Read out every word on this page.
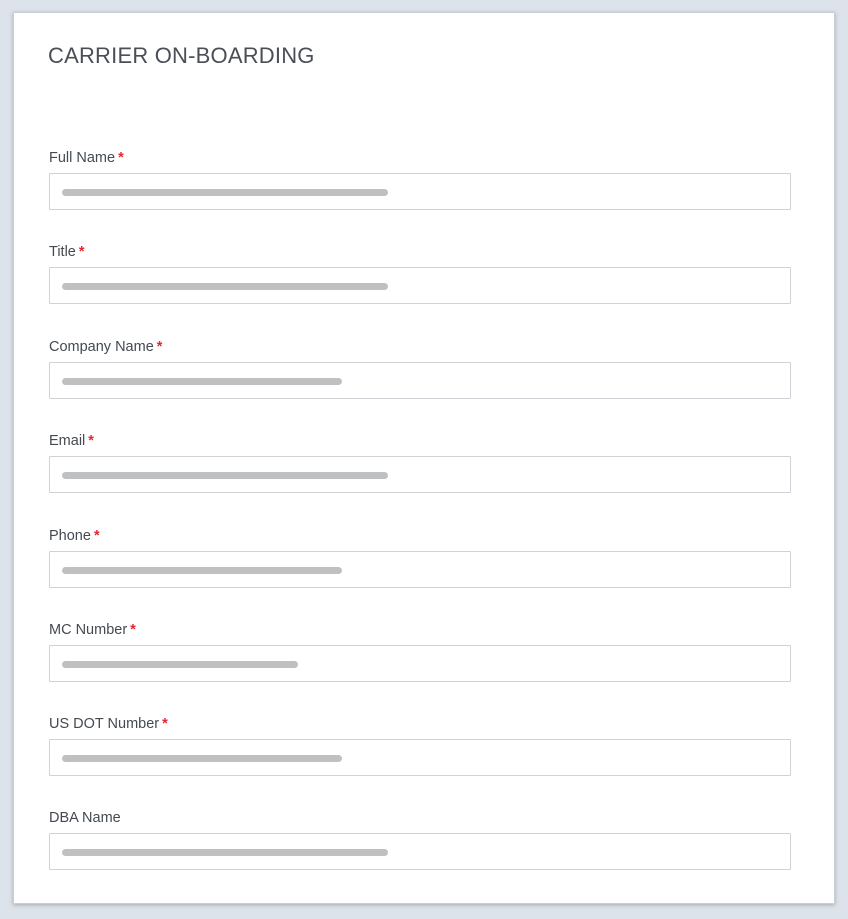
CARRIER ON-BOARDING
Full Name *
Title *
Company Name *
Email *
Phone *
MC Number *
US DOT Number *
DBA Name
